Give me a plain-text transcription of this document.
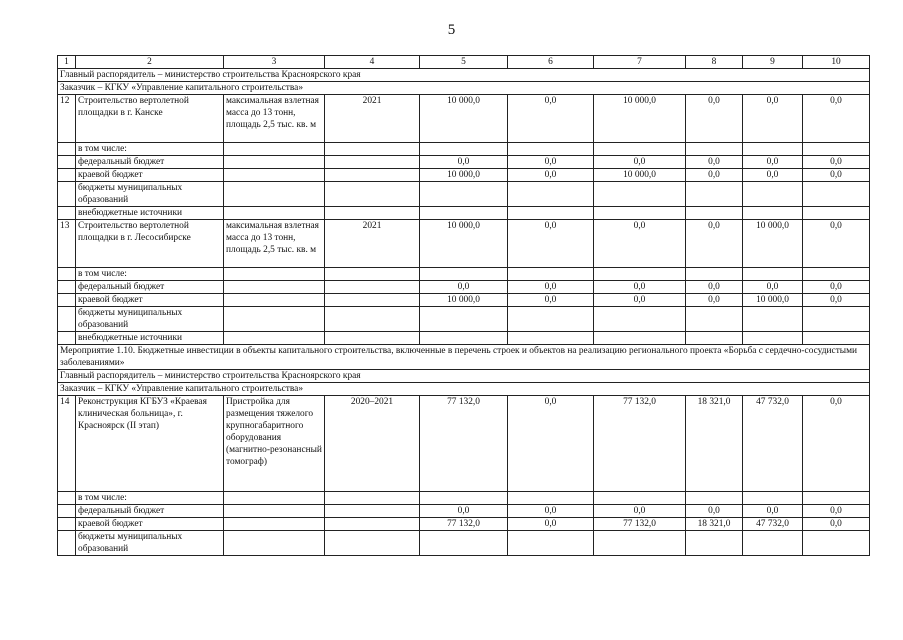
5
1	2	3	4	5	6	7	8	9	10
Главный распорядитель – министерство строительства Красноярского края									
Заказчик – КГКУ «Управление капитального строительства»									
12	Строительство вертолетной площадки в г. Канске	максимальная взлетная масса до 13 тонн, площадь 2,5 тыс. кв. м	2021	10 000,0	0,0	10 000,0	0,0	0,0	0,0
	в том числе:								
	федеральный бюджет			0,0	0,0	0,0	0,0	0,0	0,0
	краевой бюджет			10 000,0	0,0	10 000,0	0,0	0,0	0,0
	бюджеты муниципальных образований								
	внебюджетные источники								
13	Строительство вертолетной площадки в г. Лесосибирске	максимальная взлетная масса до 13 тонн, площадь 2,5 тыс. кв. м	2021	10 000,0	0,0	0,0	0,0	10 000,0	0,0
	в том числе:								
	федеральный бюджет			0,0	0,0	0,0	0,0	0,0	0,0
	краевой бюджет			10 000,0	0,0	0,0	0,0	10 000,0	0,0
	бюджеты муниципальных образований								
	внебюджетные источники								
Мероприятие 1.10. Бюджетные инвестиции в объекты капитального строительства, включенные в перечень строек и объектов на реализацию регионального проекта «Борьба с сердечно-сосудистыми заболеваниями»									
Главный распорядитель – министерство строительства Красноярского края									
Заказчик – КГКУ «Управление капитального строительства»									
14	Реконструкция КГБУЗ «Краевая клиническая больница», г. Красноярск (II этап)	Пристройка для размещения тяжелого крупногабаритного оборудования (магнитно-резонансный томограф)	2020–2021	77 132,0	0,0	77 132,0	18 321,0	47 732,0	0,0
	в том числе:								
	федеральный бюджет			0,0	0,0	0,0	0,0	0,0	0,0
	краевой бюджет			77 132,0	0,0	77 132,0	18 321,0	47 732,0	0,0
	бюджеты муниципальных образований								
